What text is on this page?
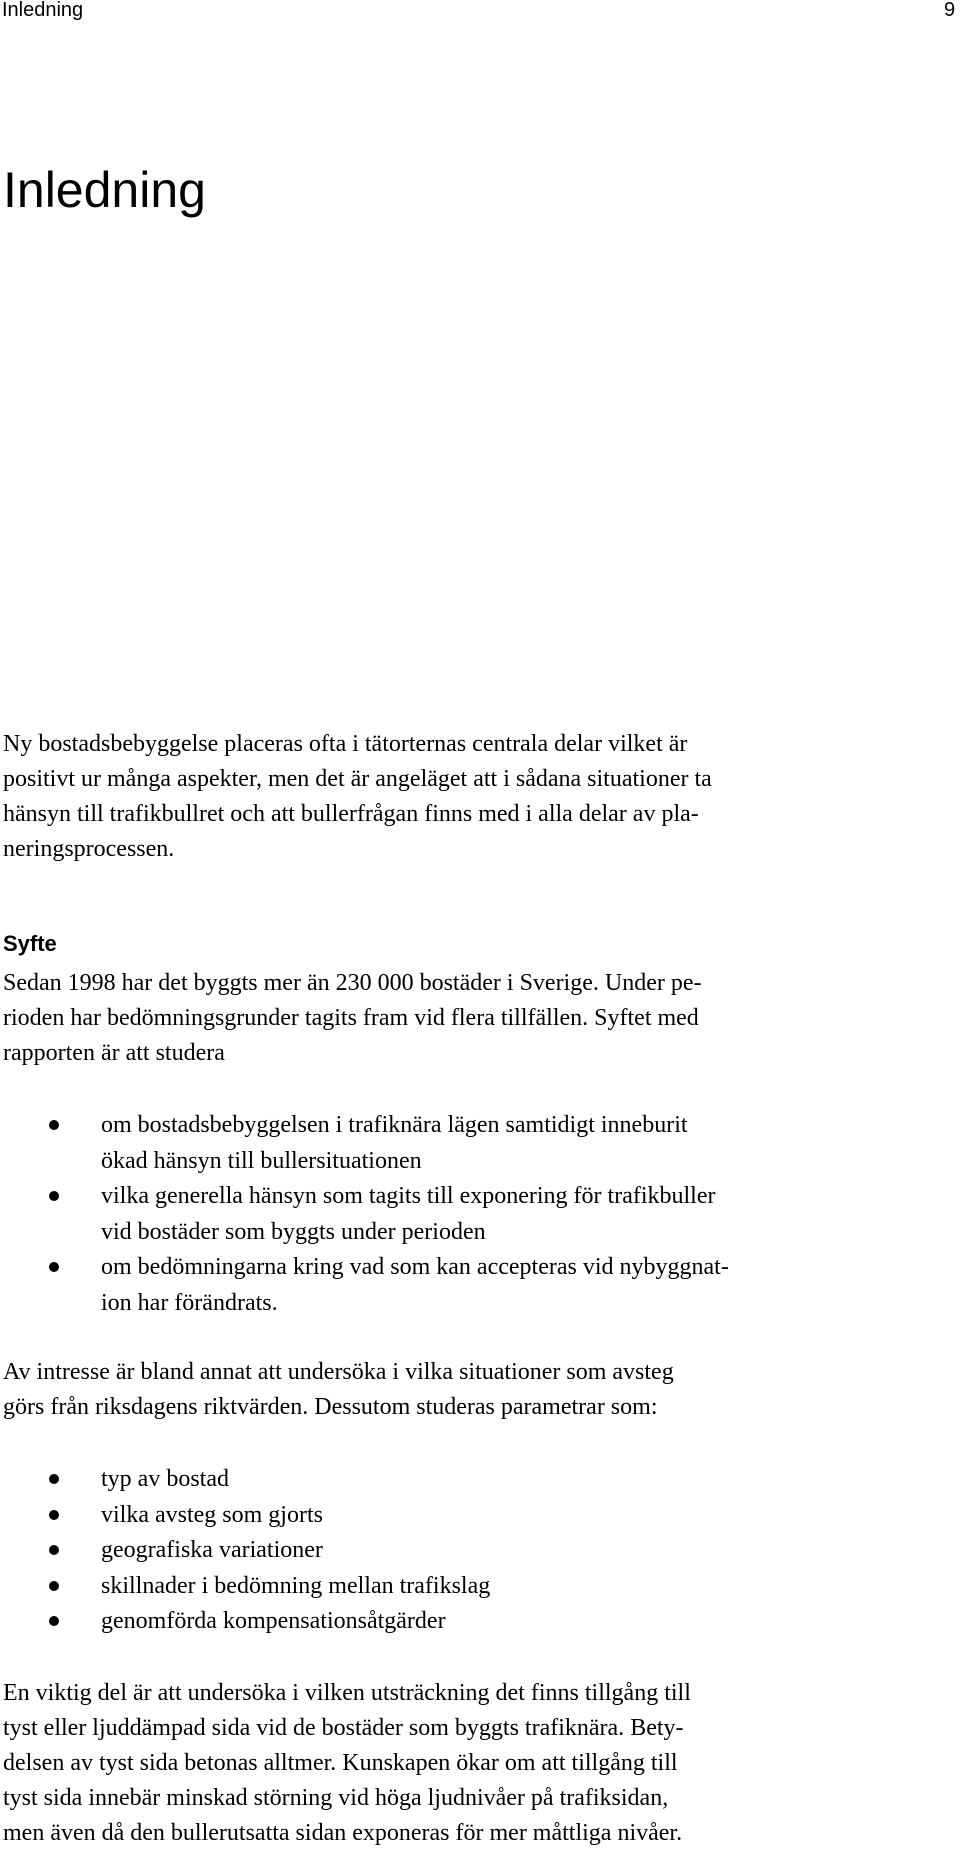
Inledning	9
Inledning

Ny bostadsbebyggelse placeras ofta i tätorternas centrala delar vilket är
positivt ur många aspekter, men det är angeläget att i sådana situationer ta
hänsyn till trafikbullret och att bullerfrågan finns med i alla delar av pla-
neringsprocessen.

Syfte

Sedan 1998 har det byggts mer än 230 000 bostäder i Sverige. Under pe-
rioden har bedömningsgrunder tagits fram vid flera tillfällen. Syftet med
rapporten är att studera

om bostadsbebyggelsen i trafiknära lägen samtidigt inneburit
ökad hänsyn till bullersituationen
vilka generella hänsyn som tagits till exponering för trafikbuller
vid bostäder som byggts under perioden
om bedömningarna kring vad som kan accepteras vid nybyggnat-
ion har förändrats.

Av intresse är bland annat att undersöka i vilka situationer som avsteg
görs från riksdagens riktvärden. Dessutom studeras parametrar som:

typ av bostad
vilka avsteg som gjorts
geografiska variationer
skillnader i bedömning mellan trafikslag
genomförda kompensationsåtgärder

En viktig del är att undersöka i vilken utsträckning det finns tillgång till
tyst eller ljuddämpad sida vid de bostäder som byggts trafiknära. Bety-
delsen av tyst sida betonas alltmer. Kunskapen ökar om att tillgång till
tyst sida innebär minskad störning vid höga ljudnivåer på trafiksidan,
men även då den bullerutsatta sidan exponeras för mer måttliga nivåer.
